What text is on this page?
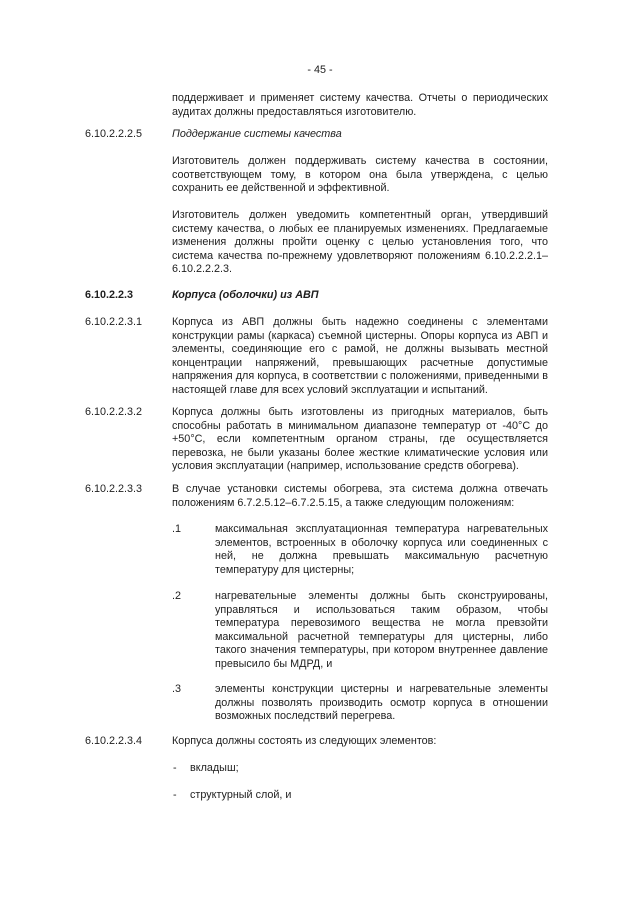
- 45 -

поддерживает и применяет систему качества. Отчеты о периодических аудитах должны предоставляться изготовителю.

6.10.2.2.2.5	Поддержание системы качества

Изготовитель должен поддерживать систему качества в состоянии, соответствующем тому, в котором она была утверждена, с целью сохранить ее действенной и эффективной.

Изготовитель должен уведомить компетентный орган, утвердивший систему качества, о любых ее планируемых изменениях. Предлагаемые изменения должны пройти оценку с целью установления того, что система качества по-прежнему удовлетворяют положениям 6.10.2.2.2.1–6.10.2.2.2.3.

6.10.2.2.3	Корпуса (оболочки) из АВП
6.10.2.2.3.1	Корпуса из АВП должны быть надежно соединены с элементами конструкции рамы (каркаса) съемной цистерны. Опоры корпуса из АВП и элементы, соединяющие его с рамой, не должны вызывать местной концентрации напряжений, превышающих расчетные допустимые напряжения для корпуса, в соответствии с положениями, приведенными в настоящей главе для всех условий эксплуатации и испытаний.

6.10.2.2.3.2	Корпуса должны быть изготовлены из пригодных материалов, быть способны работать в минимальном диапазоне температур от -40°C до +50°C, если компетентным органом страны, где осуществляется перевозка, не были указаны более жесткие климатические условия или условия эксплуатации (например, использование средств обогрева).

6.10.2.2.3.3	В случае установки системы обогрева, эта система должна отвечать положениям 6.7.2.5.12–6.7.2.5.15, а также следующим положениям:

.1	максимальная эксплуатационная температура нагревательных элементов, встроенных в оболочку корпуса или соединенных с ней, не должна превышать максимальную расчетную температуру для цистерны;

.2	нагревательные элементы должны быть сконструированы, управляться и использоваться таким образом, чтобы температура перевозимого вещества не могла превзойти максимальной расчетной температуры для цистерны, либо такого значения температуры, при котором внутреннее давление превысило бы МДРД, и

.3	элементы конструкции цистерны и нагревательные элементы должны позволять производить осмотр корпуса в отношении возможных последствий перегрева.

6.10.2.2.3.4	Корпуса должны состоять из следующих элементов:

- вкладыш;
- структурный слой, и
